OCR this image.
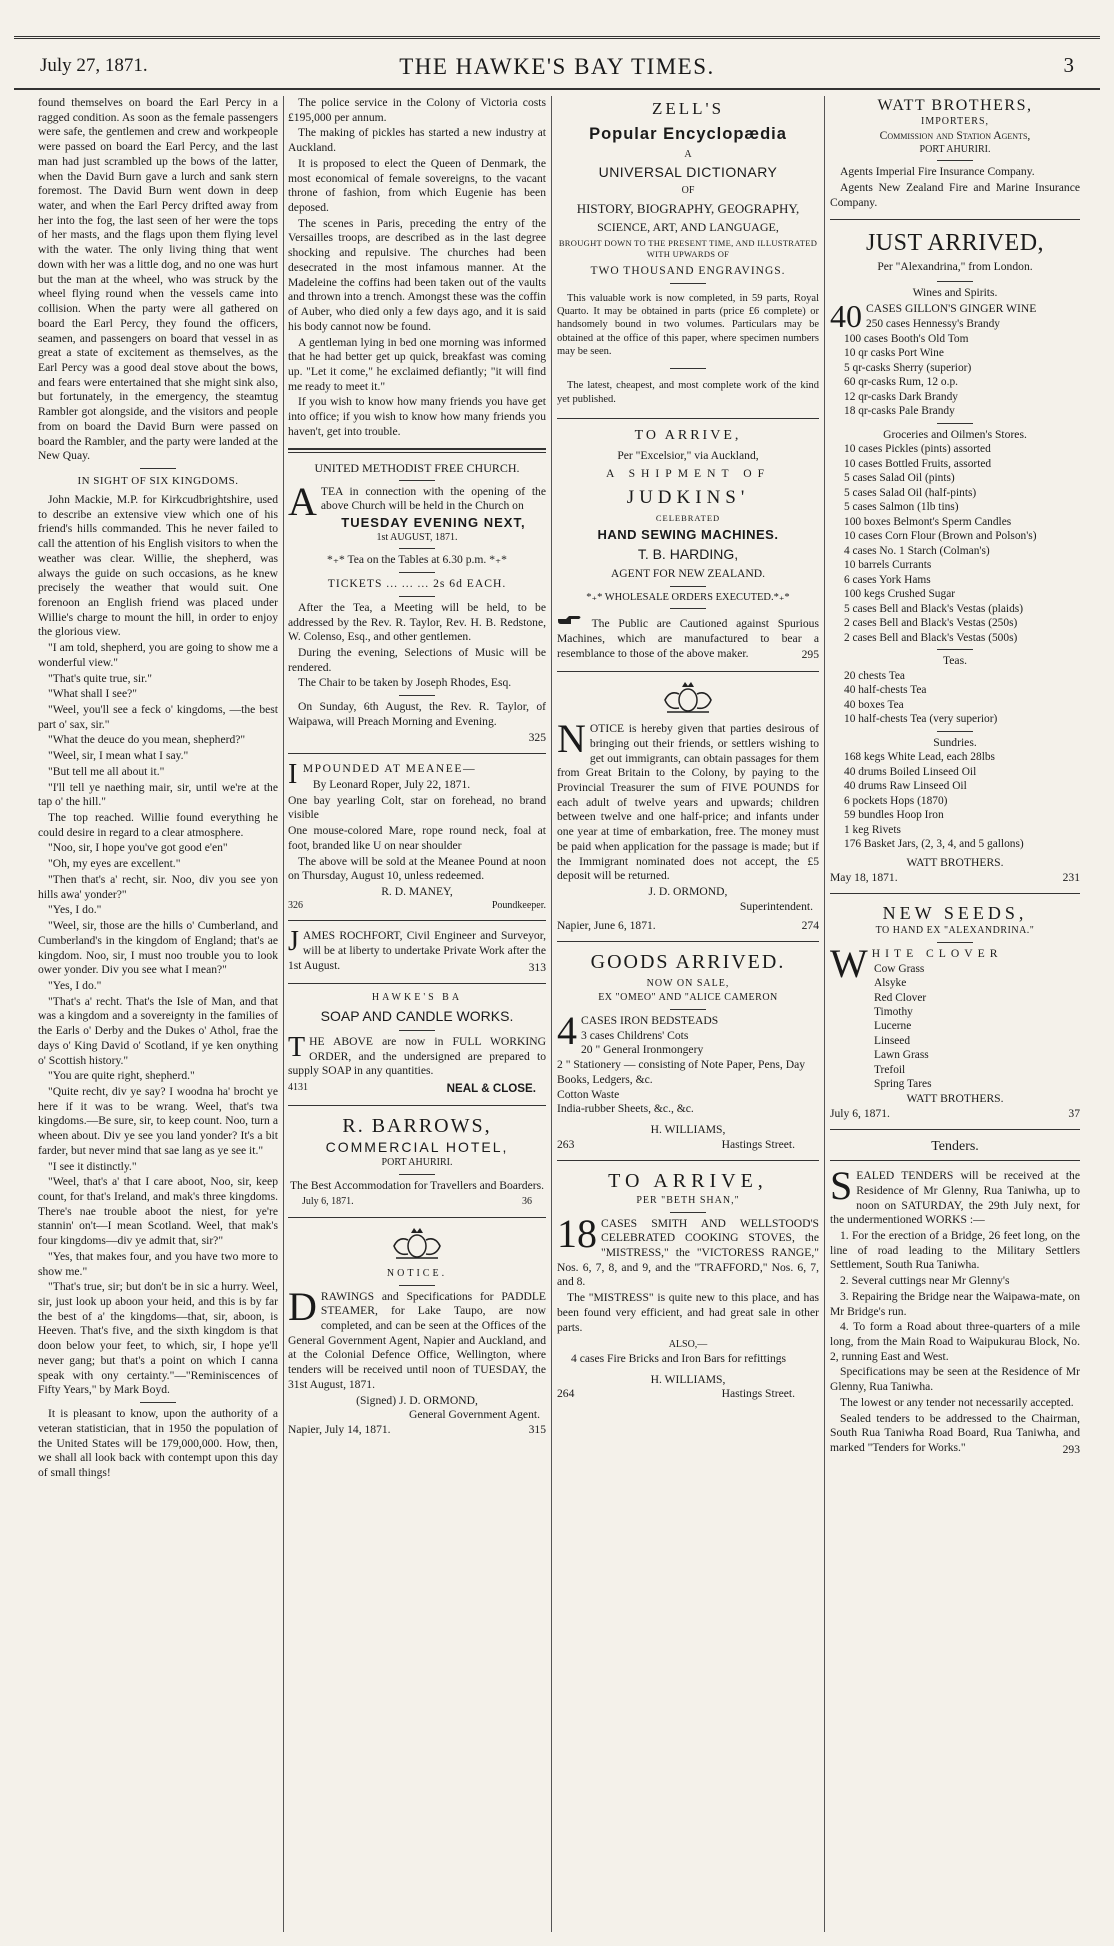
July 27, 1871.	THE HAWKE'S BAY TIMES.	3

found themselves on board the Earl Percy in a ragged condition. As soon as the female passengers were safe, the gentlemen and crew and workpeople were passed on board the Earl Percy, and the last man had just scrambled up the bows of the latter, when the David Burn gave a lurch and sank stern foremost. The David Burn went down in deep water, and when the Earl Percy drifted away from her into the fog, the last seen of her were the tops of her masts, and the flags upon them flying level with the water. The only living thing that went down with her was a little dog, and no one was hurt but the man at the wheel, who was struck by the wheel flying round when the vessels came into collision. When the party were all gathered on board the Earl Percy, they found the officers, seamen, and passengers on board that vessel in as great a state of excitement as themselves, as the Earl Percy was a good deal stove about the bows, and fears were entertained that she might sink also, but fortunately, in the emergency, the steamtug Rambler got alongside, and the visitors and people from on board the David Burn were passed on board the Rambler, and the party were landed at the New Quay.

IN SIGHT OF SIX KINGDOMS.

John Mackie, M.P. for Kirkcudbrightshire, used to describe an extensive view which one of his friend's hills commanded. This he never failed to call the attention of his English visitors to when the weather was clear. Willie, the shepherd, was always the guide on such occasions, as he knew precisely the weather that would suit. One forenoon an English friend was placed under Willie's charge to mount the hill, in order to enjoy the glorious view.

"I am told, shepherd, you are going to show me a wonderful view."

"That's quite true, sir."

"What shall I see?"

"Weel, you'll see a feck o' kingdoms, —the best part o' sax, sir."

"What the deuce do you mean, shepherd?"

"Weel, sir, I mean what I say."

"But tell me all about it."

"I'll tell ye naething mair, sir, until we're at the tap o' the hill."

The top reached. Willie found everything he could desire in regard to a clear atmosphere.

"Noo, sir, I hope you've got good e'en"

"Oh, my eyes are excellent."

"Then that's a' recht, sir. Noo, div you see yon hills awa' yonder?"

"Yes, I do."

"Weel, sir, those are the hills o' Cumberland, and Cumberland's in the kingdom of England; that's ae kingdom. Noo, sir, I must noo trouble you to look ower yonder. Div you see what I mean?"

"Yes, I do."

"That's a' recht. That's the Isle of Man, and that was a kingdom and a sovereignty in the families of the Earls o' Derby and the Dukes o' Athol, frae the days o' King David o' Scotland, if ye ken onything o' Scottish history."

"You are quite right, shepherd."

"Quite recht, div ye say? I woodna ha' brocht ye here if it was to be wrang. Weel, that's twa kingdoms.—Be sure, sir, to keep count. Noo, turn a wheen about. Div ye see you land yonder? It's a bit farder, but never mind that sae lang as ye see it."

"I see it distinctly."

"Weel, that's a' that I care aboot, Noo, sir, keep count, for that's Ireland, and mak's three kingdoms. There's nae trouble aboot the niest, for ye're stannin' on't—I mean Scotland. Weel, that mak's four kingdoms—div ye admit that, sir?"

"Yes, that makes four, and you have two more to show me."

"That's true, sir; but don't be in sic a hurry. Weel, sir, just look up aboon your heid, and this is by far the best of a' the kingdoms—that, sir, aboon, is Heeven. That's five, and the sixth kingdom is that doon below your feet, to which, sir, I hope ye'll never gang; but that's a point on which I canna speak with ony certainty."—"Reminiscences of Fifty Years," by Mark Boyd.

It is pleasant to know, upon the authority of a veteran statistician, that in 1950 the population of the United States will be 179,000,000. How, then, we shall all look back with contempt upon this day of small things!

The police service in the Colony of Victoria costs £195,000 per annum.

The making of pickles has started a new industry at Auckland.

It is proposed to elect the Queen of Denmark, the most economical of female sovereigns, to the vacant throne of fashion, from which Eugenie has been deposed.

The scenes in Paris, preceding the entry of the Versailles troops, are described as in the last degree shocking and repulsive. The churches had been desecrated in the most infamous manner. At the Madeleine the coffins had been taken out of the vaults and thrown into a trench. Amongst these was the coffin of Auber, who died only a few days ago, and it is said his body cannot now be found.

A gentleman lying in bed one morning was informed that he had better get up quick, breakfast was coming up. "Let it come," he exclaimed defiantly; "it will find me ready to meet it."

If you wish to know how many friends you have get into office; if you wish to know how many friends you haven't, get into trouble.

UNITED METHODIST FREE CHURCH.

ATEA in connection with the opening of the above Church will be held in the Church on

TUESDAY EVENING NEXT,
1st AUGUST, 1871.
*₊* Tea on the Tables at 6.30 p.m. *₊*
TICKETS ... ... ... 2s 6d EACH.

After the Tea, a Meeting will be held, to be addressed by the Rev. R. Taylor, Rev. H. B. Redstone, W. Colenso, Esq., and other gentlemen.

During the evening, Selections of Music will be rendered.

The Chair to be taken by Joseph Rhodes, Esq.

On Sunday, 6th August, the Rev. R. Taylor, of Waipawa, will Preach Morning and Evening.

325

IMPOUNDED AT MEANEE—

By Leonard Roper, July 22, 1871.

One bay yearling Colt, star on forehead, no brand visible

One mouse-colored Mare, rope round neck, foal at foot, branded like U on near shoulder

The above will be sold at the Meanee Pound at noon on Thursday, August 10, unless redeemed.

R. D. MANEY,
326	Poundkeeper.

JAMES ROCHFORT, Civil Engineer and Surveyor, will be at liberty to undertake Private Work after the 1st August.	313
HAWKE'S BA
SOAP AND CANDLE WORKS.

THE ABOVE are now in FULL WORKING ORDER, and the undersigned are prepared to supply SOAP in any quantities.

4131	NEAL & CLOSE.
R. BARROWS,
COMMERCIAL HOTEL,
PORT AHURIRI.
The Best Accommodation for Travellers and Boarders.
July 6, 1871.	36
NOTICE.

DRAWINGS and Specifications for PADDLE STEAMER, for Lake Taupo, are now completed, and can be seen at the Offices of the General Government Agent, Napier and Auckland, and at the Colonial Defence Office, Wellington, where tenders will be received until noon of TUESDAY, the 31st August, 1871.

(Signed) J. D. ORMOND,
General Government Agent.
Napier, July 14, 1871.	315
ZELL'S
Popular Encyclopædia
A
UNIVERSAL DICTIONARY
OF
HISTORY, BIOGRAPHY, GEOGRAPHY,
SCIENCE, ART, AND LANGUAGE,
BROUGHT DOWN TO THE PRESENT TIME, AND ILLUSTRATED WITH UPWARDS OF
TWO THOUSAND ENGRAVINGS.

This valuable work is now completed, in 59 parts, Royal Quarto. It may be obtained in parts (price £6 complete) or handsomely bound in two volumes. Particulars may be obtained at the office of this paper, where specimen numbers may be seen.

The latest, cheapest, and most complete work of the kind yet published.

TO ARRIVE,
Per "Excelsior," via Auckland,
A SHIPMENT OF
JUDKINS'
CELEBRATED
HAND SEWING MACHINES.
T. B. HARDING,
AGENT FOR NEW ZEALAND.
*₊* WHOLESALE ORDERS EXECUTED.*₊*

The Public are Cautioned against Spurious Machines, which are manufactured to bear a resemblance to those of the above maker.	295

NOTICE is hereby given that parties desirous of bringing out their friends, or settlers wishing to get out immigrants, can obtain passages for them from Great Britain to the Colony, by paying to the Provincial Treasurer the sum of FIVE POUNDS for each adult of twelve years and upwards; children between twelve and one half-price; and infants under one year at time of embarkation, free. The money must be paid when application for the passage is made; but if the Immigrant nominated does not accept, the £5 deposit will be returned.

J. D. ORMOND,
Superintendent.
Napier, June 6, 1871.	274
GOODS ARRIVED.
NOW ON SALE,
EX "OMEO" AND "ALICE CAMERON
4 CASES IRON BEDSTEADS
3 cases Childrens' Cots
20 " General Ironmongery
2 " Stationery — consisting of Note Paper, Pens, Day Books, Ledgers, &c.
Cotton Waste
India-rubber Sheets, &c., &c.
H. WILLIAMS,
263	Hastings Street.
TO ARRIVE,
PER "BETH SHAN,"

18 CASES SMITH AND WELLSTOOD'S CELEBRATED COOKING STOVES, the "MISTRESS," the "VICTORESS RANGE," Nos. 6, 7, 8, and 9, and the "TRAFFORD," Nos. 6, 7, and 8.

The "MISTRESS" is quite new to this place, and has been found very efficient, and had great sale in other parts.

ALSO,—
4 cases Fire Bricks and Iron Bars for refittings
H. WILLIAMS,
264	Hastings Street.
WATT BROTHERS,
IMPORTERS,
Commission and Station Agents,
PORT AHURIRI.

Agents Imperial Fire Insurance Company.

Agents New Zealand Fire and Marine Insurance Company.

JUST ARRIVED,
Per "Alexandrina," from London.
Wines and Spirits.
40 CASES GILLON'S GINGER WINE
250 cases Hennessy's Brandy
100 cases Booth's Old Tom
10 qr casks Port Wine
5 qr-casks Sherry (superior)
60 qr-casks Rum, 12 o.p.
12 qr-casks Dark Brandy
18 qr-casks Pale Brandy
Groceries and Oilmen's Stores.
10 cases Pickles (pints) assorted
10 cases Bottled Fruits, assorted
5 cases Salad Oil (pints)
5 cases Salad Oil (half-pints)
5 cases Salmon (1lb tins)
100 boxes Belmont's Sperm Candles
10 cases Corn Flour (Brown and Polson's)
4 cases No. 1 Starch (Colman's)
10 barrels Currants
6 cases York Hams
100 kegs Crushed Sugar
5 cases Bell and Black's Vestas (plaids)
2 cases Bell and Black's Vestas (250s)
2 cases Bell and Black's Vestas (500s)
Teas.
20 chests Tea
40 half-chests Tea
40 boxes Tea
10 half-chests Tea (very superior)
Sundries.
168 kegs White Lead, each 28lbs
40 drums Boiled Linseed Oil
40 drums Raw Linseed Oil
6 pockets Hops (1870)
59 bundles Hoop Iron
1 keg Rivets
176 Basket Jars, (2, 3, 4, and 5 gallons)
WATT BROTHERS.
May 18, 1871.	231
NEW SEEDS,
TO HAND EX "ALEXANDRINA."
WHITE CLOVER
Cow Grass
Alsyke
Red Clover
Timothy
Lucerne
Linseed
Lawn Grass
Trefoil
Spring Tares
WATT BROTHERS.
July 6, 1871.	37
Tenders.

SEALED TENDERS will be received at the Residence of Mr Glenny, Rua Taniwha, up to noon on SATURDAY, the 29th July next, for the undermentioned WORKS :—

1. For the erection of a Bridge, 26 feet long, on the line of road leading to the Military Settlers Settlement, South Rua Taniwha.

2. Several cuttings near Mr Glenny's

3. Repairing the Bridge near the Waipawa-mate, on Mr Bridge's run.

4. To form a Road about three-quarters of a mile long, from the Main Road to Waipukurau Block, No. 2, running East and West.

Specifications may be seen at the Residence of Mr Glenny, Rua Taniwha.

The lowest or any tender not necessarily accepted.

Sealed tenders to be addressed to the Chairman, South Rua Taniwha Road Board, Rua Taniwha, and marked "Tenders for Works."	293
